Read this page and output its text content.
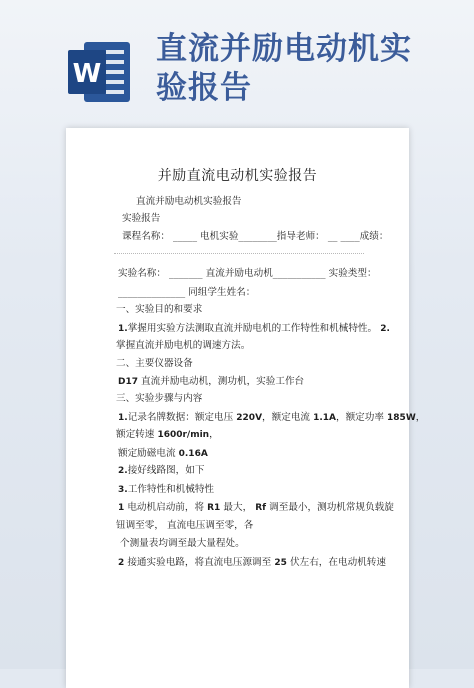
W
直流并励电动机实
验报告
并励直流电动机实验报告
直流并励电动机实验报告
实验报告
课程名称： _____ 电机实验________指导老师： __ ____成绩：
实验名称： _______ 直流并励电动机___________ 实验类型：
______________ 同组学生姓名：
一、实验目的和要求
1.掌握用实验方法测取直流并励电机的工作特性和机械特性。 2.
掌握直流并励电机的调速方法。
二、主要仪器设备
D17 直流并励电动机，测功机，实验工作台
三、实验步骤与内容
1.记录名牌数据：额定电压 220V，额定电流 1.1A，额定功率 185W，
额定转速 1600r/min，
额定励磁电流 0.16A
2.接好线路图，如下
3.工作特性和机械特性
1 电动机启动前，将 R1 最大， Rf 调至最小，测功机常规负载旋
钮调至零， 直流电压调至零，各
个测量表均调至最大量程处。
2 接通实验电路，将直流电压源调至 25 伏左右，在电动机转速
